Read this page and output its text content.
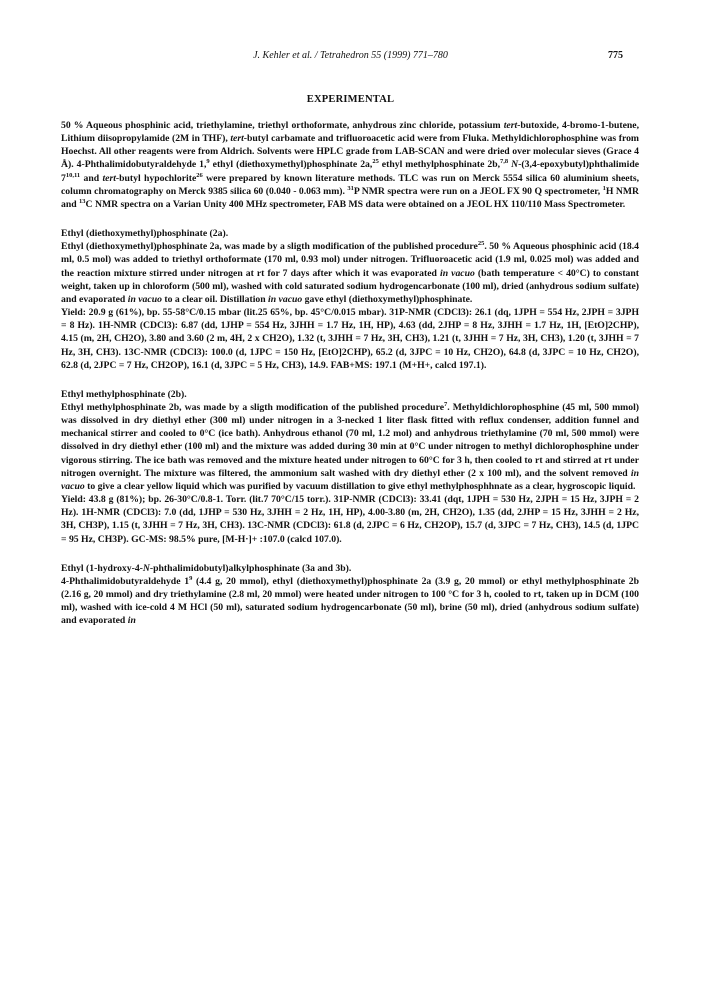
J. Kehler et al. / Tetrahedron 55 (1999) 771–780	775
EXPERIMENTAL

50 % Aqueous phosphinic acid, triethylamine, triethyl orthoformate, anhydrous zinc chloride, potassium tert-butoxide, 4-bromo-1-butene, Lithium diisopropylamide (2M in THF), tert-butyl carbamate and trifluoroacetic acid were from Fluka. Methyldichlorophosphine was from Hoechst. All other reagents were from Aldrich. Solvents were HPLC grade from LAB-SCAN and were dried over molecular sieves (Grace 4 Å). 4-Phthalimidobutyraldehyde 1,$^9$ ethyl (diethoxymethyl)phosphinate 2a,$^{25}$ ethyl methylphosphinate 2b,$^{7,8}$ N-(3,4-epoxybutyl)phthalimide 7$^{10,11}$ and tert-butyl hypochlorite$^{26}$ were prepared by known literature methods. TLC was run on Merck 5554 silica 60 aluminium sheets, column chromatography on Merck 9385 silica 60 (0.040 - 0.063 mm). $^{31}$P NMR spectra were run on a JEOL FX 90 Q spectrometer, $^1$H NMR and $^{13}$C NMR spectra on a Varian Unity 400 MHz spectrometer, FAB MS data were obtained on a JEOL HX 110/110 Mass Spectrometer.

Ethyl (diethoxymethyl)phosphinate (2a).

Ethyl (diethoxymethyl)phosphinate 2a, was made by a sligth modification of the published procedure$^{25}$. 50 % Aqueous phosphinic acid (18.4 ml, 0.5 mol) was added to triethyl orthoformate (170 ml, 0.93 mol) under nitrogen. Trifluoroacetic acid (1.9 ml, 0.025 mol) was added and the reaction mixture stirred under nitrogen at rt for 7 days after which it was evaporated in vacuo (bath temperature < 40°C) to constant weight, taken up in chloroform (500 ml), washed with cold saturated sodium hydrogencarbonate (100 ml), dried (anhydrous sodium sulfate) and evaporated in vacuo to a clear oil. Distillation in vacuo gave ethyl (diethoxymethyl)phosphinate.

Yield: 20.9 g (61%), bp. 55-58°C/0.15 mbar (lit.25 65%, bp. 45°C/0.015 mbar). 31P-NMR (CDCl3): 26.1 (dq, 1JPH = 554 Hz, 2JPH = 3JPH = 8 Hz). 1H-NMR (CDCl3): 6.87 (dd, 1JHP = 554 Hz, 3JHH = 1.7 Hz, 1H, HP), 4.63 (dd, 2JHP = 8 Hz, 3JHH = 1.7 Hz, 1H, [EtO]2CHP), 4.15 (m, 2H, CH2O), 3.80 and 3.60 (2 m, 4H, 2 x CH2O), 1.32 (t, 3JHH = 7 Hz, 3H, CH3), 1.21 (t, 3JHH = 7 Hz, 3H, CH3), 1.20 (t, 3JHH = 7 Hz, 3H, CH3). 13C-NMR (CDCl3): 100.0 (d, 1JPC = 150 Hz, [EtO]2CHP), 65.2 (d, 3JPC = 10 Hz, CH2O), 64.8 (d, 3JPC = 10 Hz, CH2O), 62.8 (d, 2JPC = 7 Hz, CH2OP), 16.1 (d, 3JPC = 5 Hz, CH3), 14.9. FAB+MS: 197.1 (M+H+, calcd 197.1).

Ethyl methylphosphinate (2b).

Ethyl methylphosphinate 2b, was made by a sligth modification of the published procedure$^7$. Methyldichlorophosphine (45 ml, 500 mmol) was dissolved in dry diethyl ether (300 ml) under nitrogen in a 3-necked 1 liter flask fitted with reflux condenser, addition funnel and mechanical stirrer and cooled to 0°C (ice bath). Anhydrous ethanol (70 ml, 1.2 mol) and anhydrous triethylamine (70 ml, 500 mmol) were dissolved in dry diethyl ether (100 ml) and the mixture was added during 30 min at 0°C under nitrogen to methyl dichlorophosphine under vigorous stirring. The ice bath was removed and the mixture heated under nitrogen to 60°C for 3 h, then cooled to rt and stirred at rt under nitrogen overnight. The mixture was filtered, the ammonium salt washed with dry diethyl ether (2 x 100 ml), and the solvent removed in vacuo to give a clear yellow liquid which was purified by vacuum distillation to give ethyl methylphosphhnate as a clear, hygroscopic liquid.

Yield: 43.8 g (81%); bp. 26-30°C/0.8-1. Torr. (lit.7 70°C/15 torr.). 31P-NMR (CDCl3): 33.41 (dqt, 1JPH = 530 Hz, 2JPH = 15 Hz, 3JPH = 2 Hz). 1H-NMR (CDCl3): 7.0 (dd, 1JHP = 530 Hz, 3JHH = 2 Hz, 1H, HP), 4.00-3.80 (m, 2H, CH2O), 1.35 (dd, 2JHP = 15 Hz, 3JHH = 2 Hz, 3H, CH3P), 1.15 (t, 3JHH = 7 Hz, 3H, CH3). 13C-NMR (CDCl3): 61.8 (d, 2JPC = 6 Hz, CH2OP), 15.7 (d, 3JPC = 7 Hz, CH3), 14.5 (d, 1JPC = 95 Hz, CH3P). GC-MS: 98.5% pure, [M-H·]+ :107.0 (calcd 107.0).

Ethyl (1-hydroxy-4-N-phthalimidobutyl)alkylphosphinate (3a and 3b).

4-Phthalimidobutyraldehyde $1^9$ (4.4 g, 20 mmol), ethyl (diethoxymethyl)phosphinate 2a (3.9 g, 20 mmol) or ethyl methylphosphinate 2b (2.16 g, 20 mmol) and dry triethylamine (2.8 ml, 20 mmol) were heated under nitrogen to 100 °C for 3 h, cooled to rt, taken up in DCM (100 ml), washed with ice-cold 4 M HCl (50 ml), saturated sodium hydrogencarbonate (50 ml), brine (50 ml), dried (anhydrous sodium sulfate) and evaporated in
